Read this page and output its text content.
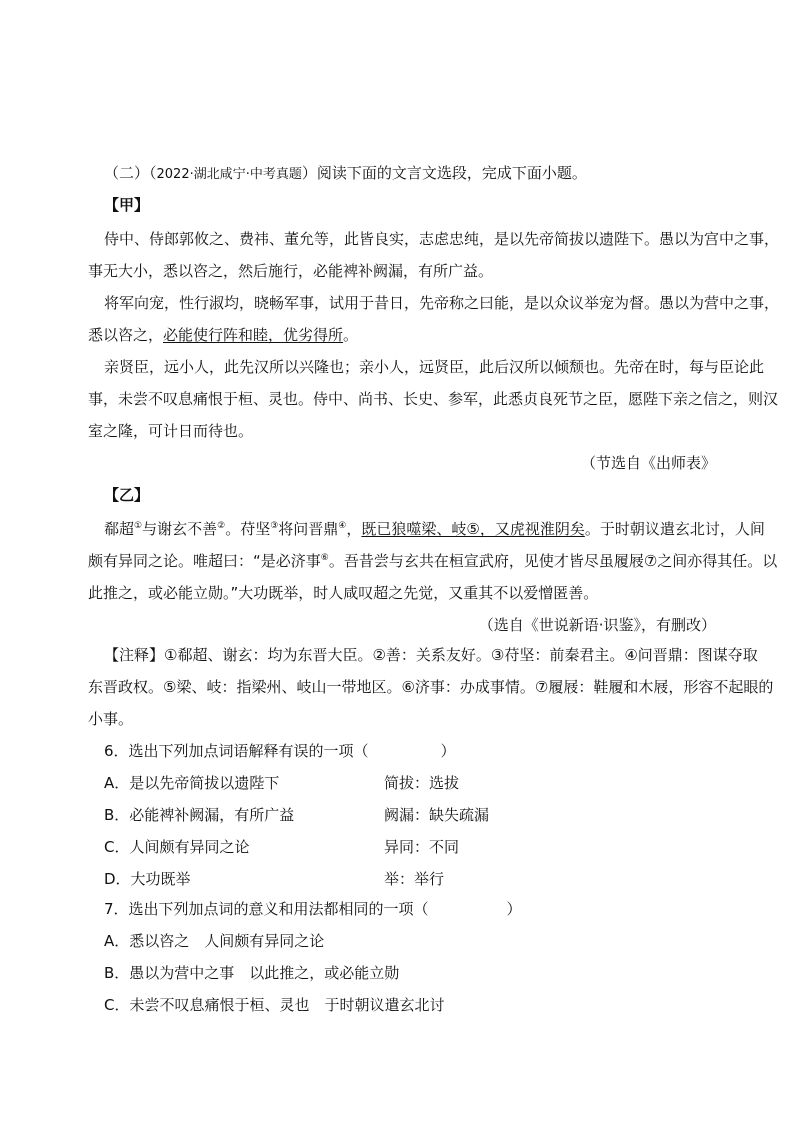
（二）（2022·湖北咸宁·中考真题）阅读下面的文言文选段，完成下面小题。
【甲】
侍中、侍郎郭攸之、费祎、董允等，此皆良实，志虑忠纯，是以先帝简拔以遗陛下。愚以为宫中之事，
事无大小，悉以咨之，然后施行，必能裨补阙漏，有所广益。
将军向宠，性行淑均，晓畅军事，试用于昔日，先帝称之曰能，是以众议举宠为督。愚以为营中之事，
悉以咨之，必能使行阵和睦，优劣得所。
亲贤臣，远小人，此先汉所以兴隆也；亲小人，远贤臣，此后汉所以倾颓也。先帝在时，每与臣论此
事，未尝不叹息痛恨于桓、灵也。侍中、尚书、长史、参军，此悉贞良死节之臣，愿陛下亲之信之，则汉
室之隆，可计日而待也。
（节选自《出师表》
【乙】
郗超①与谢玄不善②。苻坚③将问晋鼎④，既已狼噬梁、岐⑤，又虎视淮阴矣。于时朝议遣玄北讨，人间
颇有异同之论。唯超曰：“是必济事⑥。吾昔尝与玄共在桓宣武府，见使才皆尽虽履屐⑦之间亦得其任。以
此推之，或必能立勋。”大功既举，时人咸叹超之先觉，又重其不以爱憎匿善。
（选自《世说新语·识鉴》，有删改）
【注释】①郗超、谢玄：均为东晋大臣。②善：关系友好。③苻坚：前秦君主。④问晋鼎：图谋夺取
东晋政权。⑤梁、岐：指梁州、岐山一带地区。⑥济事：办成事情。⑦履屐：鞋履和木屐，形容不起眼的
小事。
6．选出下列加点词语解释有误的一项（	）
A．是以先帝简拔以遗陛下	简拔：选拔
B．必能裨补阙漏，有所广益	阙漏：缺失疏漏
C．人间颇有异同之论	异同：不同
D．大功既举	举：举行
7．选出下列加点词的意义和用法都相同的一项（	）
A．悉以咨之　人间颇有异同之论
B．愚以为营中之事　以此推之，或必能立勋
C．未尝不叹息痛恨于桓、灵也　于时朝议遣玄北讨
